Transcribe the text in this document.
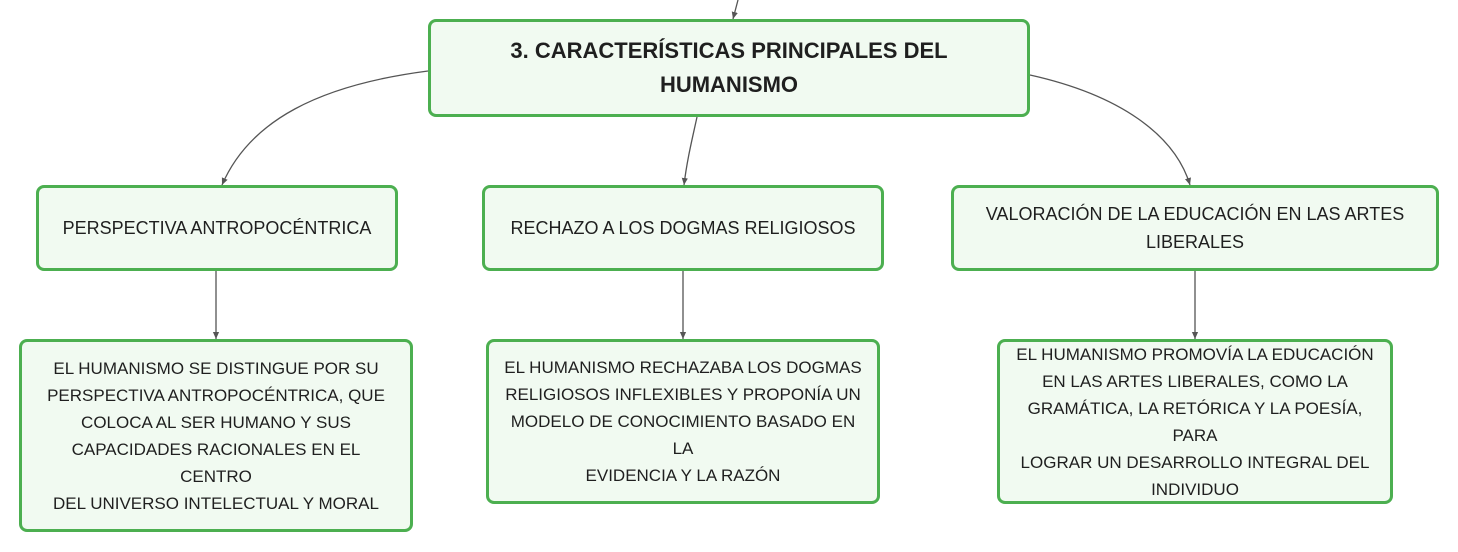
3. CARACTERÍSTICAS PRINCIPALES DEL
HUMANISMO
PERSPECTIVA ANTROPOCÉNTRICA	RECHAZO A LOS DOGMAS RELIGIOSOS
VALORACIÓN DE LA EDUCACIÓN EN LAS ARTES
LIBERALES
EL HUMANISMO SE DISTINGUE POR SU
PERSPECTIVA ANTROPOCÉNTRICA, QUE
COLOCA AL SER HUMANO Y SUS
CAPACIDADES RACIONALES EN EL CENTRO
DEL UNIVERSO INTELECTUAL Y MORAL
EL HUMANISMO RECHAZABA LOS DOGMAS
RELIGIOSOS INFLEXIBLES Y PROPONÍA UN
MODELO DE CONOCIMIENTO BASADO EN LA
EVIDENCIA Y LA RAZÓN
EL HUMANISMO PROMOVÍA LA EDUCACIÓN
EN LAS ARTES LIBERALES, COMO LA
GRAMÁTICA, LA RETÓRICA Y LA POESÍA, PARA
LOGRAR UN DESARROLLO INTEGRAL DEL
INDIVIDUO
